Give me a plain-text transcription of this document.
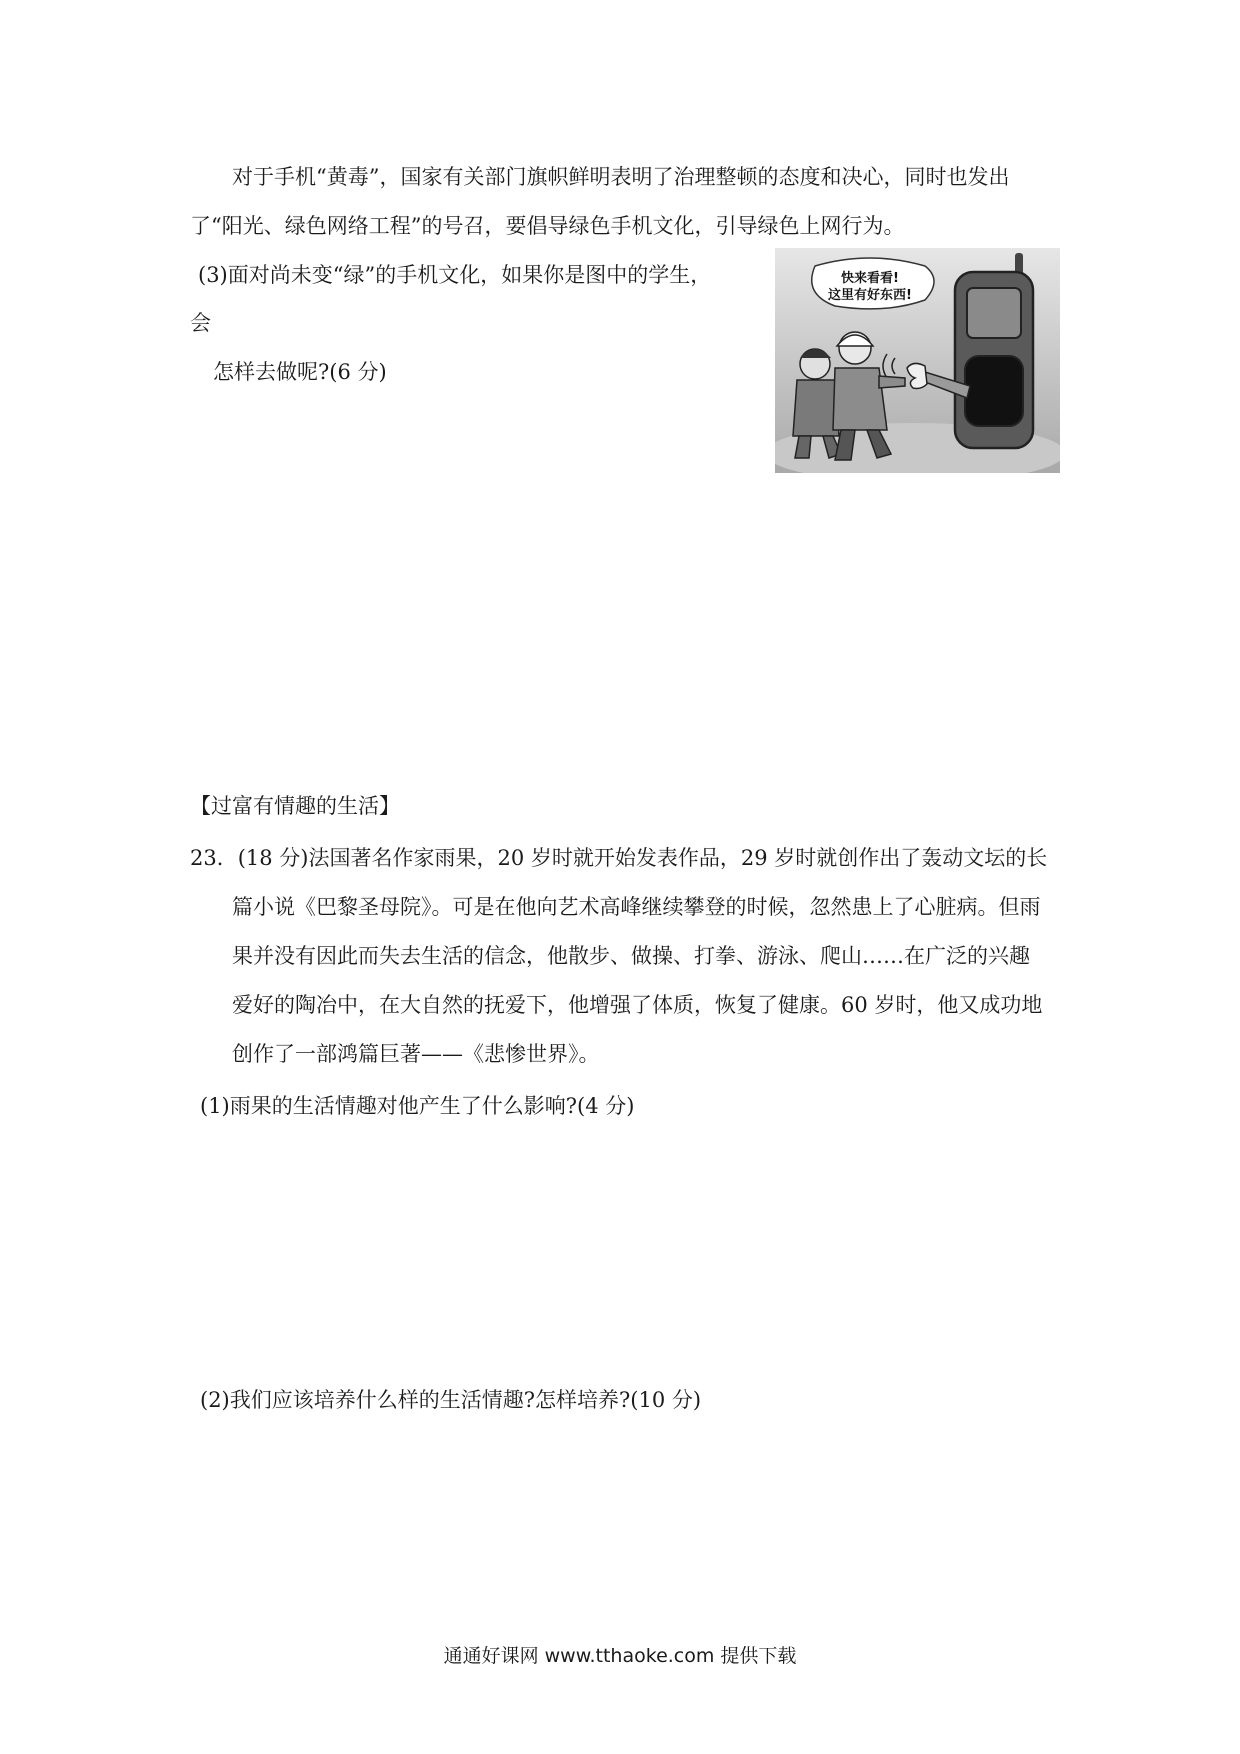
对于手机“黄毒”，国家有关部门旗帜鲜明表明了治理整顿的态度和决心，同时也发出
了“阳光、绿色网络工程”的号召，要倡导绿色手机文化，引导绿色上网行为。
(3)面对尚未变“绿”的手机文化，如果你是图中的学生，
会
怎样去做呢?(6 分)
快来看看!
这里有好东西!
【过富有情趣的生活】
23．(18 分)法国著名作家雨果，20 岁时就开始发表作品，29 岁时就创作出了轰动文坛的长
篇小说《巴黎圣母院》。可是在他向艺术高峰继续攀登的时候，忽然患上了心脏病。但雨
果并没有因此而失去生活的信念，他散步、做操、打拳、游泳、爬山……在广泛的兴趣
爱好的陶冶中，在大自然的抚爱下，他增强了体质，恢复了健康。60 岁时，他又成功地
创作了一部鸿篇巨著——《悲惨世界》。
(1)雨果的生活情趣对他产生了什么影响?(4 分)
(2)我们应该培养什么样的生活情趣?怎样培养?(10 分)
通通好课网 www.tthaoke.com 提供下载
